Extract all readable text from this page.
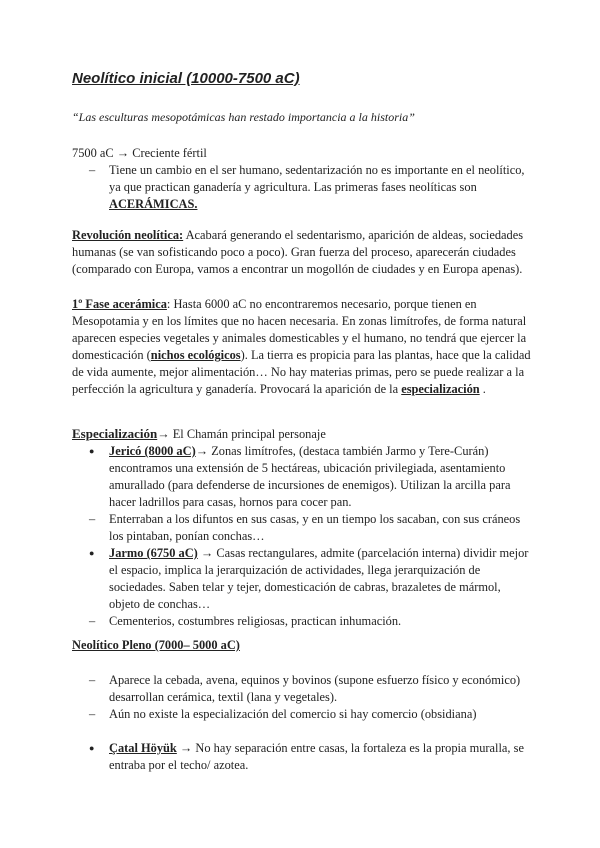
Neolítico inicial (10000-7500 aC)
“Las esculturas mesopotámicas han restado importancia a la historia”
7500 aC → Creciente fértil
– Tiene un cambio en el ser humano, sedentarización no es importante en el neolítico, ya que practican ganadería y agricultura. Las primeras fases neolíticas son ACERÁMICAS.
Revolución neolítica: Acabará generando el sedentarismo, aparición de aldeas, sociedades humanas (se van sofisticando poco a poco). Gran fuerza del proceso, aparecerán ciudades (comparado con Europa, vamos a encontrar un mogollón de ciudades y en Europa apenas).
1º Fase acerámica: Hasta 6000 aC no encontraremos necesario, porque tienen en Mesopotamia y en los límites que no hacen necesaria. En zonas limítrofes, de forma natural aparecen especies vegetales y animales domesticables y el humano, no tendrá que ejercer la domesticación (nichos ecológicos). La tierra es propicia para las plantas, hace que la calidad de vida aumente, mejor alimentación… No hay materias primas, pero se puede realizar a la perfección la agricultura y ganadería. Provocará la aparición de la especialización .
Especialización→ El Chamán principal personaje
● Jericó (8000 aC)→ Zonas limítrofes, (destaca también Jarmo y Tere-Curán) encontramos una extensión de 5 hectáreas, ubicación privilegiada, asentamiento amurallado (para defenderse de incursiones de enemigos). Utilizan la arcilla para hacer ladrillos para casas, hornos para cocer pan.
– Enterraban a los difuntos en sus casas, y en un tiempo los sacaban, con sus cráneos los pintaban, ponían conchas…
● Jarmo (6750 aC) → Casas rectangulares, admite (parcelación interna) dividir mejor el espacio, implica la jerarquización de actividades, llega jerarquización de sociedades. Saben telar y tejer, domesticación de cabras, brazaletes de mármol, objeto de conchas…
– Cementerios, costumbres religiosas, practican inhumación.
Neolítico Pleno (7000– 5000 aC)
– Aparece la cebada, avena, equinos y bovinos (supone esfuerzo físico y económico) desarrollan cerámica, textil (lana y vegetales).
– Aún no existe la especialización del comercio si hay comercio (obsidiana)
● Çatal Höyük → No hay separación entre casas, la fortaleza es la propia muralla, se entraba por el techo/ azotea.
